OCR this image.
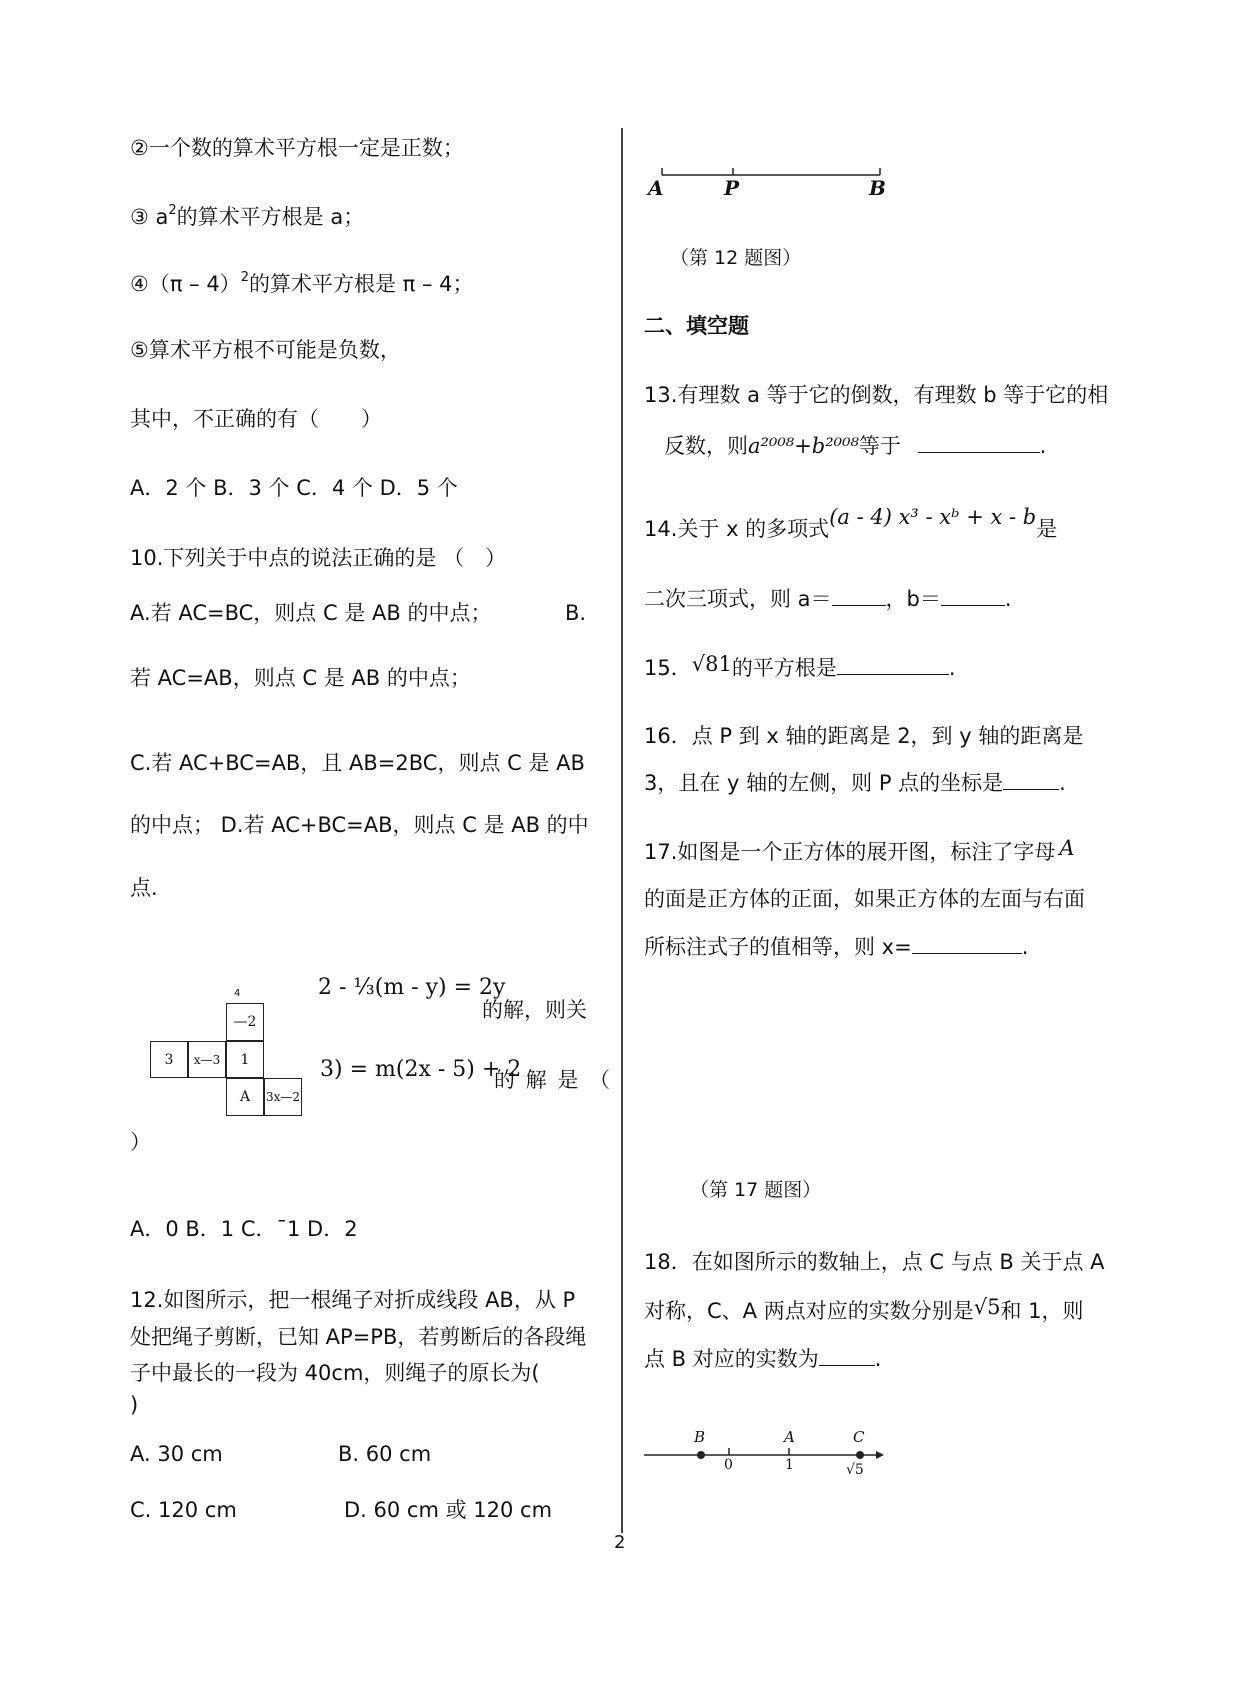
②一个数的算术平方根一定是正数；
③ $a^2$的算术平方根是 a；
④（π – 4）$^2$的算术平方根是 π – 4；
⑤算术平方根不可能是负数，
其中，不正确的有（　　）
A．2 个 B．3 个 C．4 个 D．5 个
10.下列关于中点的说法正确的是 （　）
A.若 AC=BC，则点 C 是 AB 的中点；	B.
若 AC=AB，则点 C 是 AB 的中点；
C.若 AC+BC=AB，且 AB=2BC，则点 C 是 AB
的中点； D.若 AC+BC=AB，则点 C 是 AB 的中
点.
2 - ⅓(m - y) = 2y
的解，则关
3) = m(2x - 5) + 2
的 解 是 （
）
A．0 B．1 C．ˉ1 D．2
4
—2
3 x—3 1
A 3x—2
12.如图所示，把一根绳子对折成线段 AB，从 P
处把绳子剪断，已知 AP=PB，若剪断后的各段绳
子中最长的一段为 40cm，则绳子的原长为(
)
A. 30 cm	B. 60 cm
C. 120 cm	D. 60 cm 或 120 cm
A	P	B
（第 12 题图）
二、填空题
13.有理数 a 等于它的倒数，有理数 b 等于它的相
反数，则a²⁰⁰⁸+b²⁰⁰⁸等于	.
14.关于 x 的多项式(a - 4) x³ - xᵇ + x - b是
二次三项式，则 a＝	，b＝	.
15．√81的平方根是	.
16．点 P 到 x 轴的距离是 2，到 y 轴的距离是
3，且在 y 轴的左侧，则 P 点的坐标是	.
17.如图是一个正方体的展开图，标注了字母 A
的面是正方体的正面，如果正方体的左面与右面
所标注式子的值相等，则 x=	.
（第 17 题图）
18．在如图所示的数轴上，点 C 与点 B 关于点 A
对称，C、A 两点对应的实数分别是√5和 1，则
点 B 对应的实数为	.
B	A	C
0	1	√5
2
